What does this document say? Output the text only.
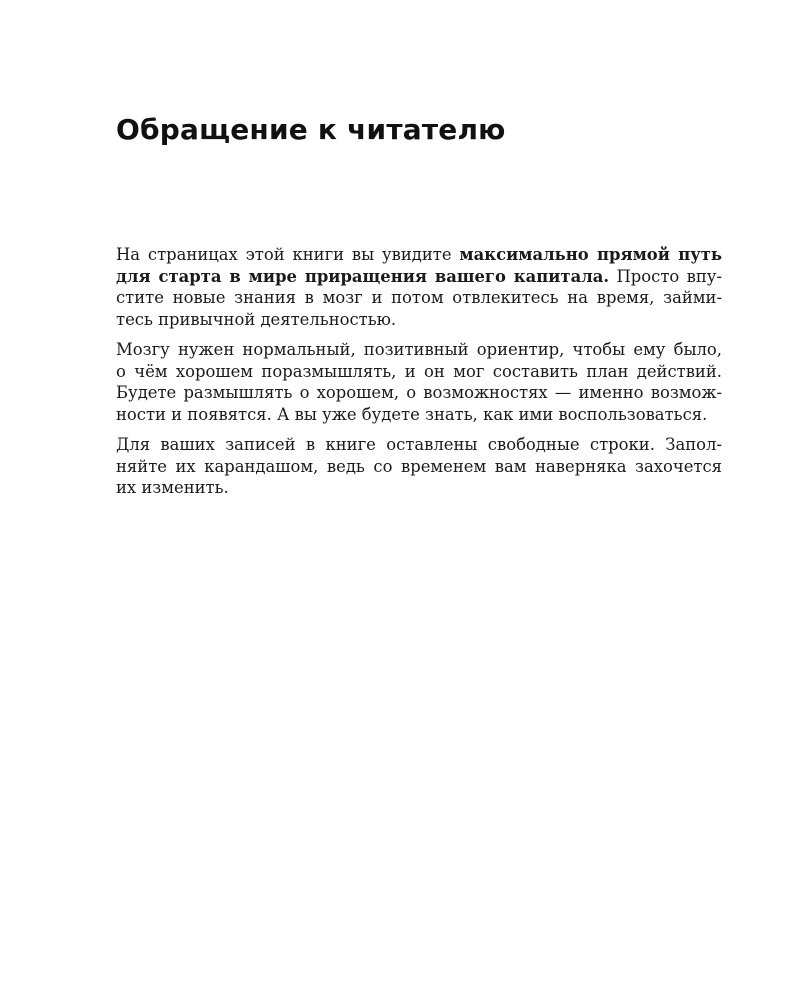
Обращение к читателю
На страницах этой книги вы увидите максимально прямой путь
для старта в мире приращения вашего капитала. Просто впу-
стите новые знания в мозг и потом отвлекитесь на время, займи-
тесь привычной деятельностью.
Мозгу нужен нормальный, позитивный ориентир, чтобы ему было,
о чём хорошем поразмышлять, и он мог составить план действий.
Будете размышлять о хорошем, о возможностях — именно возмож-
ности и появятся. А вы уже будете знать, как ими воспользоваться.
Для ваших записей в книге оставлены свободные строки. Запол-
няйте их карандашом, ведь со временем вам наверняка захочется
их изменить.
